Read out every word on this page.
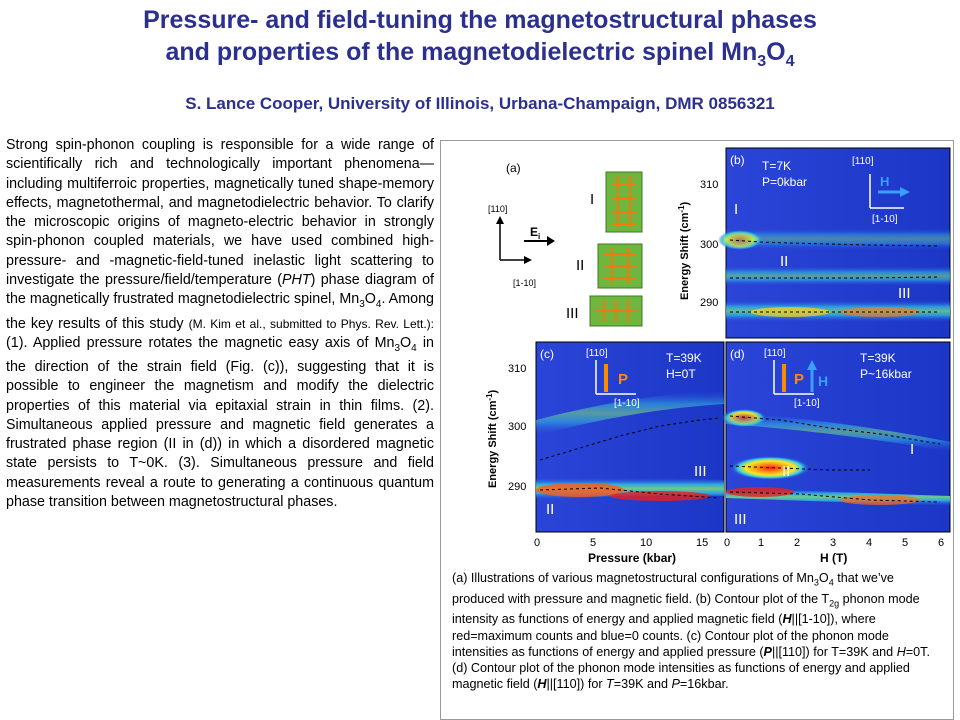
Pressure- and field-tuning the magnetostructural phases
and properties of the magnetodielectric spinel $Mn_3O_4$
S. Lance Cooper, University of Illinois, Urbana-Champaign, DMR 0856321
Strong spin-phonon coupling is responsible for a wide range of scientifically rich and technologically important phenomena—including multiferroic properties, magnetically tuned shape-memory effects, magnetothermal, and magnetodielectric behavior. To clarify the microscopic origins of magneto-electric behavior in strongly spin-phonon coupled materials, we have used combined high-pressure- and -magnetic-field-tuned inelastic light scattering to investigate the pressure/field/temperature (PHT) phase diagram of the magnetically frustrated magnetodielectric spinel, $Mn_3O_4$. Among the key results of this study (M. Kim et al., submitted to Phys. Rev. Lett.): (1). Applied pressure rotates the magnetic easy axis of $Mn_3O_4$ in the direction of the strain field (Fig. (c)), suggesting that it is possible to engineer the magnetism and modify the dielectric properties of this material via epitaxial strain in thin films. (2). Simultaneous applied pressure and magnetic field generates a frustrated phase region (II in (d)) in which a disordered magnetic state persists to T~0K. (3). Simultaneous pressure and field measurements reveal a route to generating a continuous quantum phase transition between magnetostructural phases.
(a)
[110]
[1-10]
$E_i$
I
II
III
(b) T=7K
P=0kbar
[110]
[1-10]
H
I
II
III
310
300
290
Energy Shift $(cm^{-1})$
(c)	[110]
[1-10]
P
T=39K
H=0T
II
III
310
300
290
Energy Shift $(cm^{-1})$
0	5	10	15
Pressure (kbar)
(d) [110]
[1-10]
P H
T=39K
P~16kbar
I
II
III
0	1	2	3	4	5	6
H (T)
(a) Illustrations of various magnetostructural configurations of $Mn_3O_4$ that we’ve produced with pressure and magnetic field. (b) Contour plot of the $T_{2g}$ phonon mode intensity as functions of energy and applied magnetic field (H||[1-10]), where red=maximum counts and blue=0 counts. (c) Contour plot of the phonon mode intensities as functions of energy and applied pressure (P||[110]) for T=39K and H=0T. (d) Contour plot of the phonon mode intensities as functions of energy and applied magnetic field (H||[110]) for T=39K and P=16kbar.
